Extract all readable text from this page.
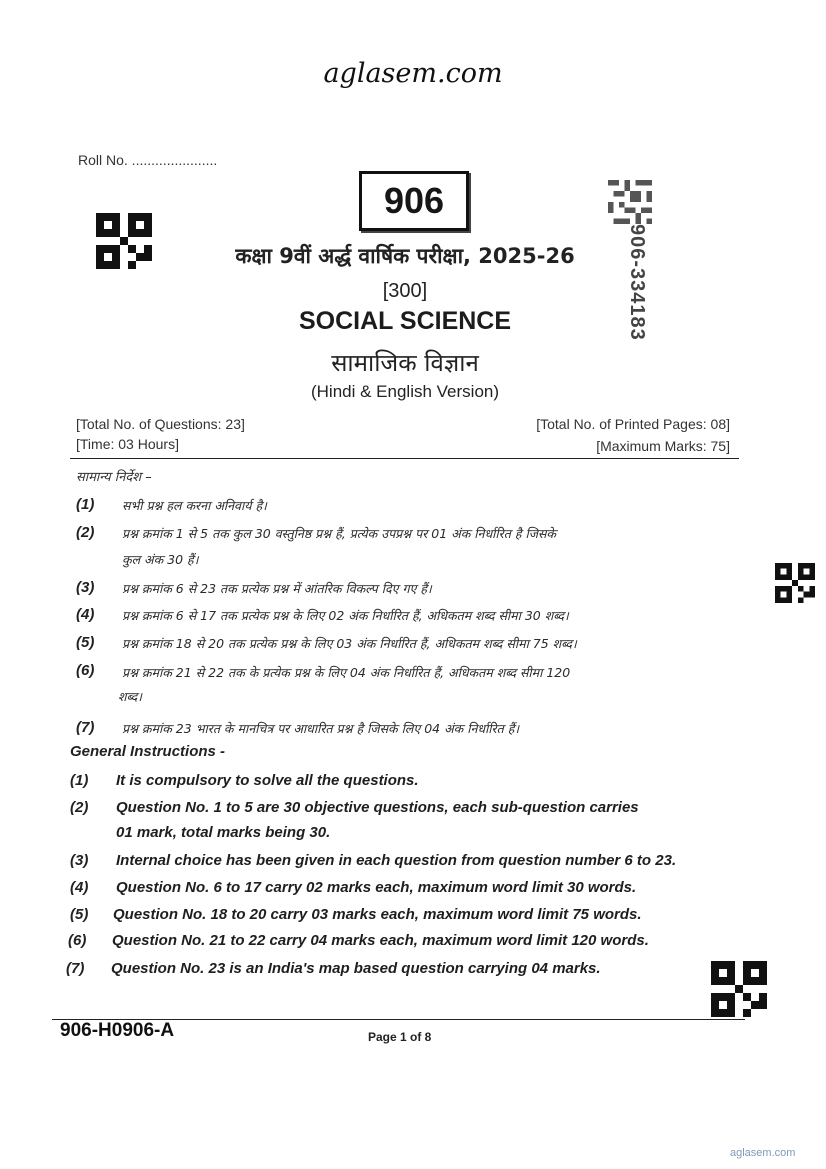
aglasem.com
Roll No. ......................
906
906-334183
कक्षा 9वीं अर्द्ध वार्षिक परीक्षा, 2025-26
[300]
SOCIAL SCIENCE
सामाजिक विज्ञान
(Hindi & English Version)
[Total No. of Questions: 23]
[Time: 03 Hours]
[Total No. of Printed Pages: 08]
[Maximum Marks: 75]
सामान्य निर्देश –
(1) सभी प्रश्न हल करना अनिवार्य है।
(2) प्रश्न क्रमांक 1 से 5 तक कुल 30 वस्तुनिष्ठ प्रश्न हैं, प्रत्येक उपप्रश्न पर 01 अंक निर्धारित है जिसके
कुल अंक 30 हैं।
(3) प्रश्न क्रमांक 6 से 23 तक प्रत्येक प्रश्न में आंतरिक विकल्प दिए गए हैं।
(4) प्रश्न क्रमांक 6 से 17 तक प्रत्येक प्रश्न के लिए 02 अंक निर्धारित हैं, अधिकतम शब्द सीमा 30 शब्द।
(5) प्रश्न क्रमांक 18 से 20 तक प्रत्येक प्रश्न के लिए 03 अंक निर्धारित हैं, अधिकतम शब्द सीमा 75 शब्द।
(6) प्रश्न क्रमांक 21 से 22 तक के प्रत्येक प्रश्न के लिए 04 अंक निर्धारित हैं, अधिकतम शब्द सीमा 120
शब्द।
(7) प्रश्न क्रमांक 23 भारत के मानचित्र पर आधारित प्रश्न है जिसके लिए 04 अंक निर्धारित हैं।
General Instructions -
(1) It is compulsory to solve all the questions.
(2) Question No. 1 to 5 are 30 objective questions, each sub-question carries
01 mark, total marks being 30.
(3) Internal choice has been given in each question from question number 6 to 23.
(4) Question No. 6 to 17 carry 02 marks each, maximum word limit 30 words.
(5) Question No. 18 to 20 carry 03 marks each, maximum word limit 75 words.
(6) Question No. 21 to 22 carry 04 marks each, maximum word limit 120 words.
(7) Question No. 23 is an India's map based question carrying 04 marks.
906-H0906-A	Page 1 of 8
aglasem.com
